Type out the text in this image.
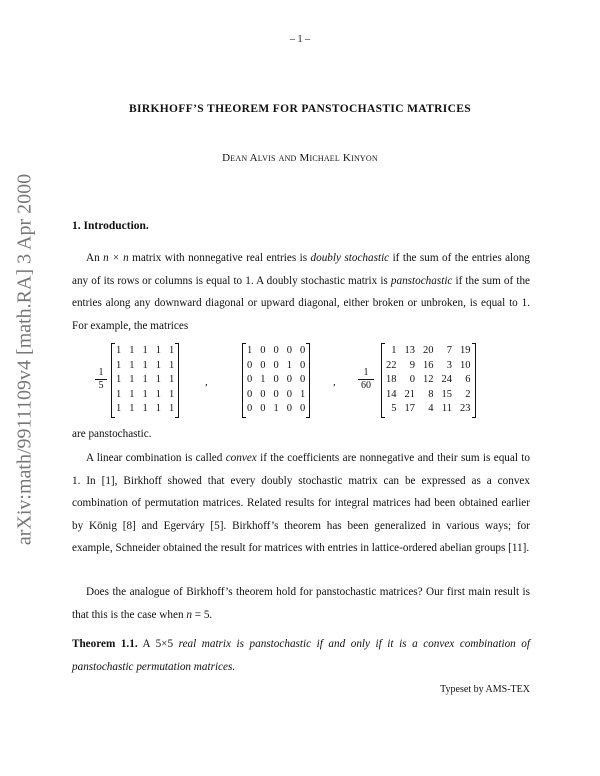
– 1 –
BIRKHOFF’S THEOREM FOR PANSTOCHASTIC MATRICES
Dean Alvis and Michael Kinyon
arXiv:math/9911109v4 [math.RA] 3 Apr 2000	1. Introduction.
An n × n matrix with nonnegative real entries is doubly stochastic if the sum of the entries along any of its rows or columns is equal to 1. A doubly stochastic matrix is panstochastic if the sum of the entries along any downward diagonal or upward diagonal, either broken or unbroken, is equal to 1. For example, the matrices
$\frac{1}{5}$
1	1	1	1	1
1	1	1	1	1
1	1	1	1	1
1	1	1	1	1
1	1	1	1	1
,
1	0	0	0	0
0	0	0	1	0
0	1	0	0	0
0	0	0	0	1
0	0	1	0	0
, $\frac{1}{60}$
1	13	20	7	19
22	9	16	3	10
18	0	12	24	6
14	21	8	15	2
5	17	4	11	23
are panstochastic.
A linear combination is called convex if the coefficients are nonnegative and their sum is equal to 1. In [1], Birkhoff showed that every doubly stochastic matrix can be expressed as a convex combination of permutation matrices. Related results for integral matrices had been obtained earlier by König [8] and Egerváry [5]. Birkhoff’s theorem has been generalized in various ways; for example, Schneider obtained the result for matrices with entries in lattice-ordered abelian groups [11].
Does the analogue of Birkhoff’s theorem hold for panstochastic matrices? Our first main result is that this is the case when n = 5.
Theorem 1.1. A 5×5 real matrix is panstochastic if and only if it is a convex combination of panstochastic permutation matrices.
Typeset by AMS-TEX
